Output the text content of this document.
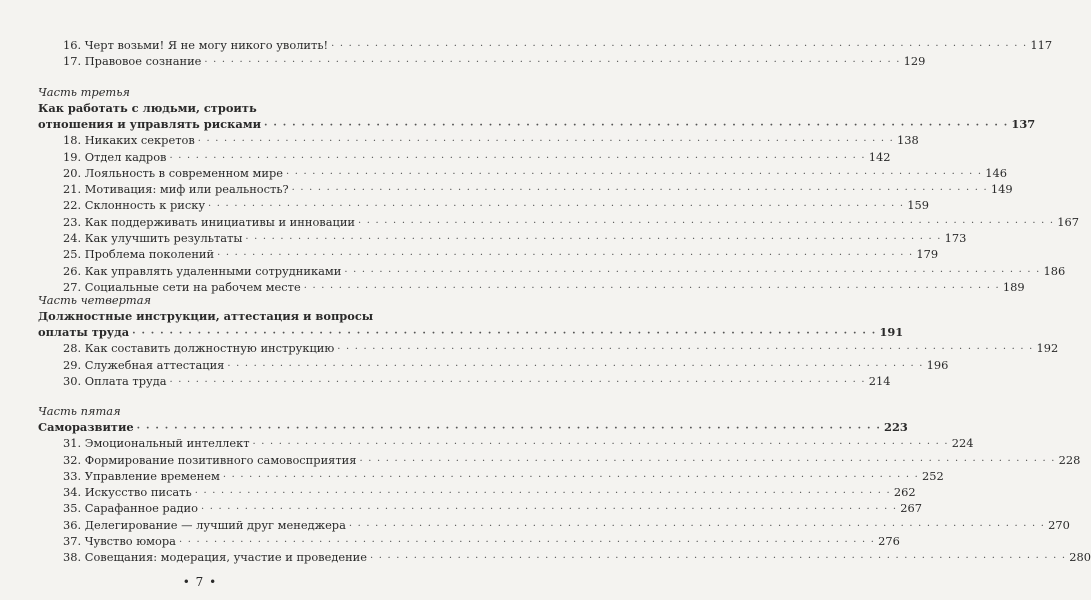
16. Черт возьми! Я не могу никого уволить! · · ·	117
17. Правовое сознание · · ·	129
Часть третья
Как работать с людьми, строить
отношения и управлять рисками · · ·	137
18. Никаких секретов · · ·	138
19. Отдел кадров · · ·	142
20. Лояльность в современном мире · · ·	146
21. Мотивация: миф или реальность? · · ·	149
22. Склонность к риску · · ·	159
23. Как поддерживать инициативы и инновации · · ·	167
24. Как улучшить результаты · · ·	173
25. Проблема поколений · · ·	179
26. Как управлять удаленными сотрудниками · · ·	186
27. Социальные сети на рабочем месте · · ·	189
Часть четвертая
Должностные инструкции, аттестация и вопросы
оплаты труда · · ·	191
28. Как составить должностную инструкцию · · ·	192
29. Служебная аттестация · · ·	196
30. Оплата труда · · ·	214
Часть пятая
Саморазвитие · · ·	223
31. Эмоциональный интеллект · · ·	224
32. Формирование позитивного самовосприятия · · ·	228
33. Управление временем · · ·	252
34. Искусство писать · · ·	262
35. Сарафанное радио · · ·	267
36. Делегирование — лучший друг менеджера · · ·	270
37. Чувство юмора · · ·	276
38. Совещания: модерация, участие и проведение · · ·	280
• 7 •
